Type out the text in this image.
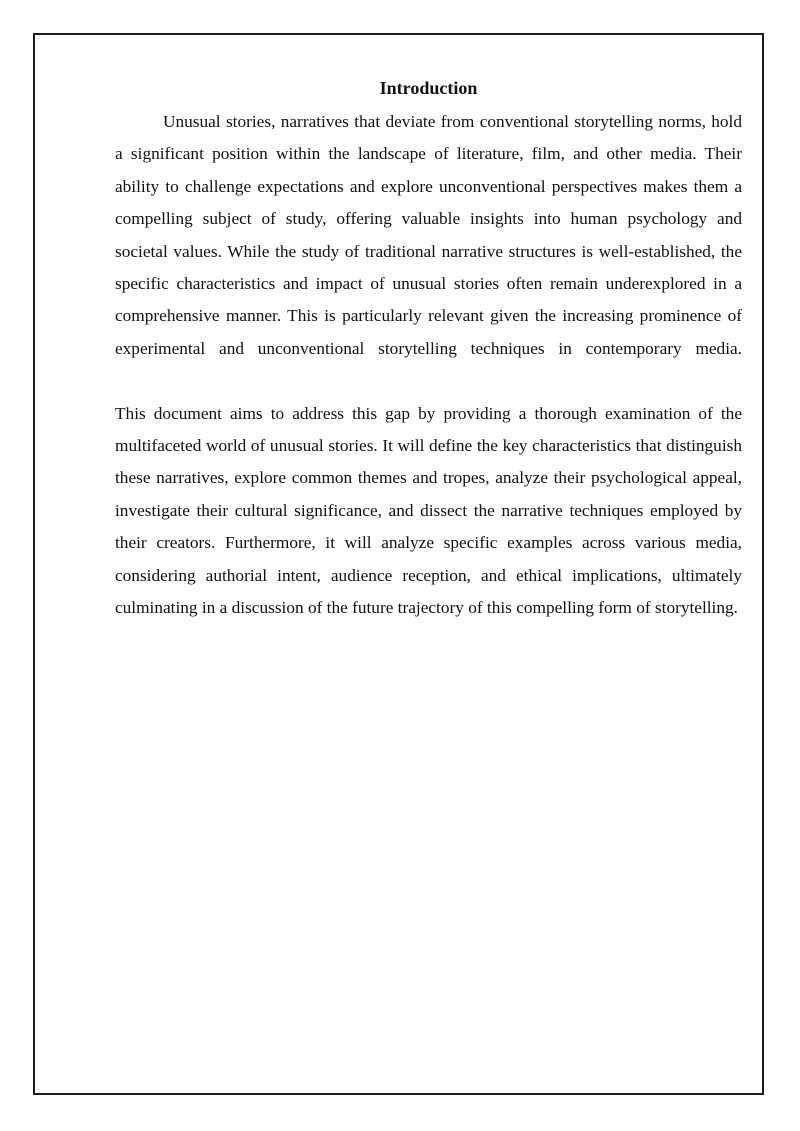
Introduction

Unusual stories, narratives that deviate from conventional storytelling norms, hold a significant position within the landscape of literature, film, and other media. Their ability to challenge expectations and explore unconventional perspectives makes them a compelling subject of study, offering valuable insights into human psychology and societal values. While the study of traditional narrative structures is well-established, the specific characteristics and impact of unusual stories often remain underexplored in a comprehensive manner. This is particularly relevant given the increasing prominence of experimental and unconventional storytelling techniques in contemporary media.

This document aims to address this gap by providing a thorough examination of the multifaceted world of unusual stories. It will define the key characteristics that distinguish these narratives, explore common themes and tropes, analyze their psychological appeal, investigate their cultural significance, and dissect the narrative techniques employed by their creators. Furthermore, it will analyze specific examples across various media, considering authorial intent, audience reception, and ethical implications, ultimately culminating in a discussion of the future trajectory of this compelling form of storytelling.
